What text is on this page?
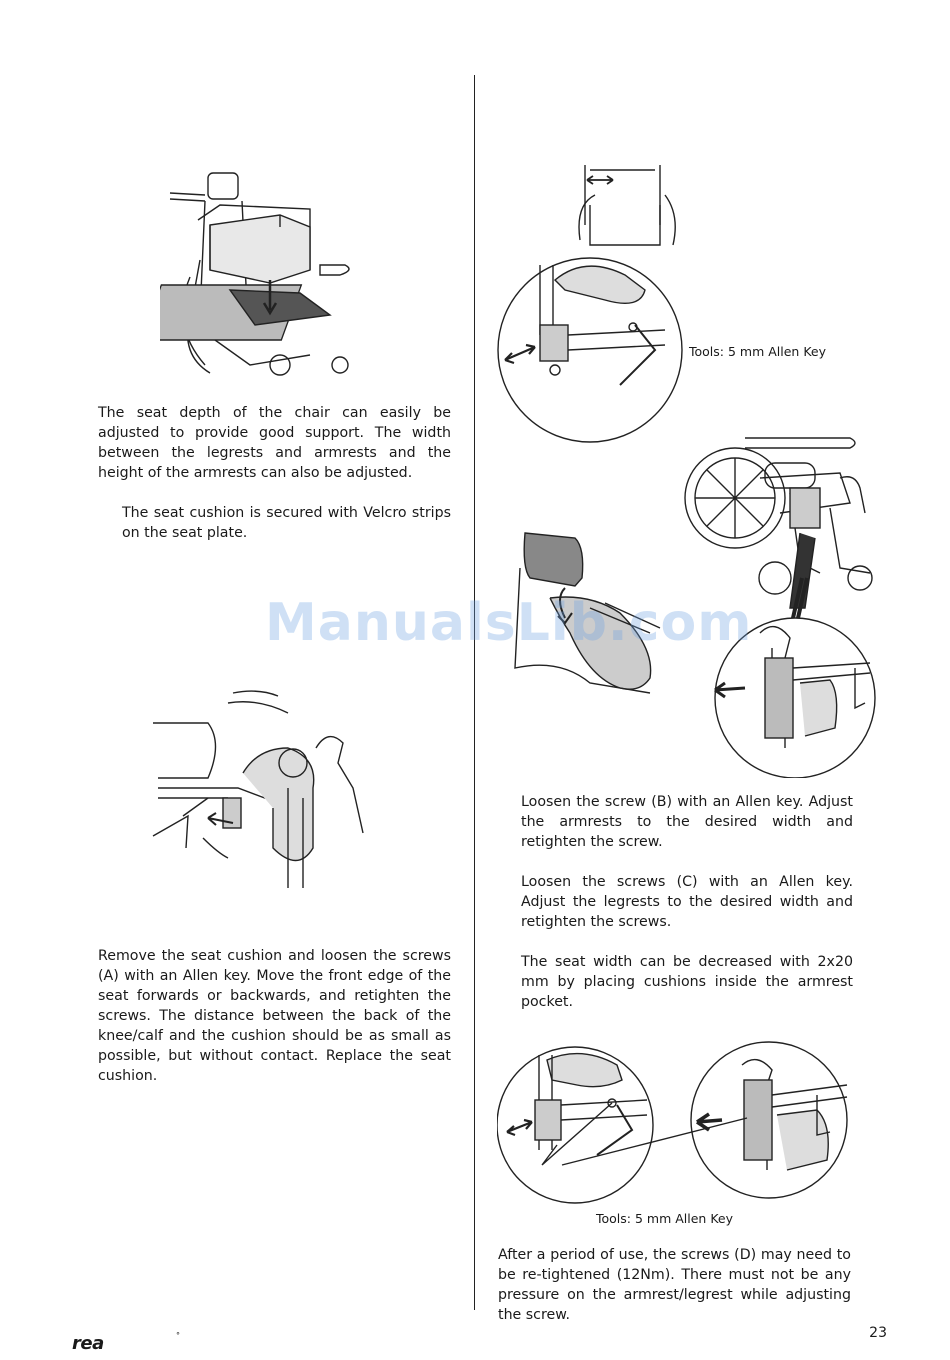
The seat depth of the chair can easily be adjusted to provide good support. The width between the legrests and armrests and the height of the armrests can also be adjusted.

The seat cushion is secured with Velcro strips on the seat plate.

Remove the seat cushion and loosen the screws (A) with an Allen key. Move the front edge of the seat forwards or backwards, and retighten the screws. The distance between the back of the knee/calf and the cushion should be as small as possible, but without contact. Replace the seat cushion.

Tools: 5 mm Allen Key
ManualsLib.com

Loosen the screw (B) with an Allen key. Adjust the armrests to the desired width and retighten the screw.

Loosen the screws (C) with an Allen key. Adjust the legrests to the desired width and retighten the screws.

The seat width can be decreased with 2x20 mm by placing cushions inside the armrest pocket.

Tools: 5 mm Allen Key

After a period of use, the screws (D) may need to be re-tightened (12Nm). There must not be any pressure on the armrest/legrest while adjusting the screw.

rea	°	23
